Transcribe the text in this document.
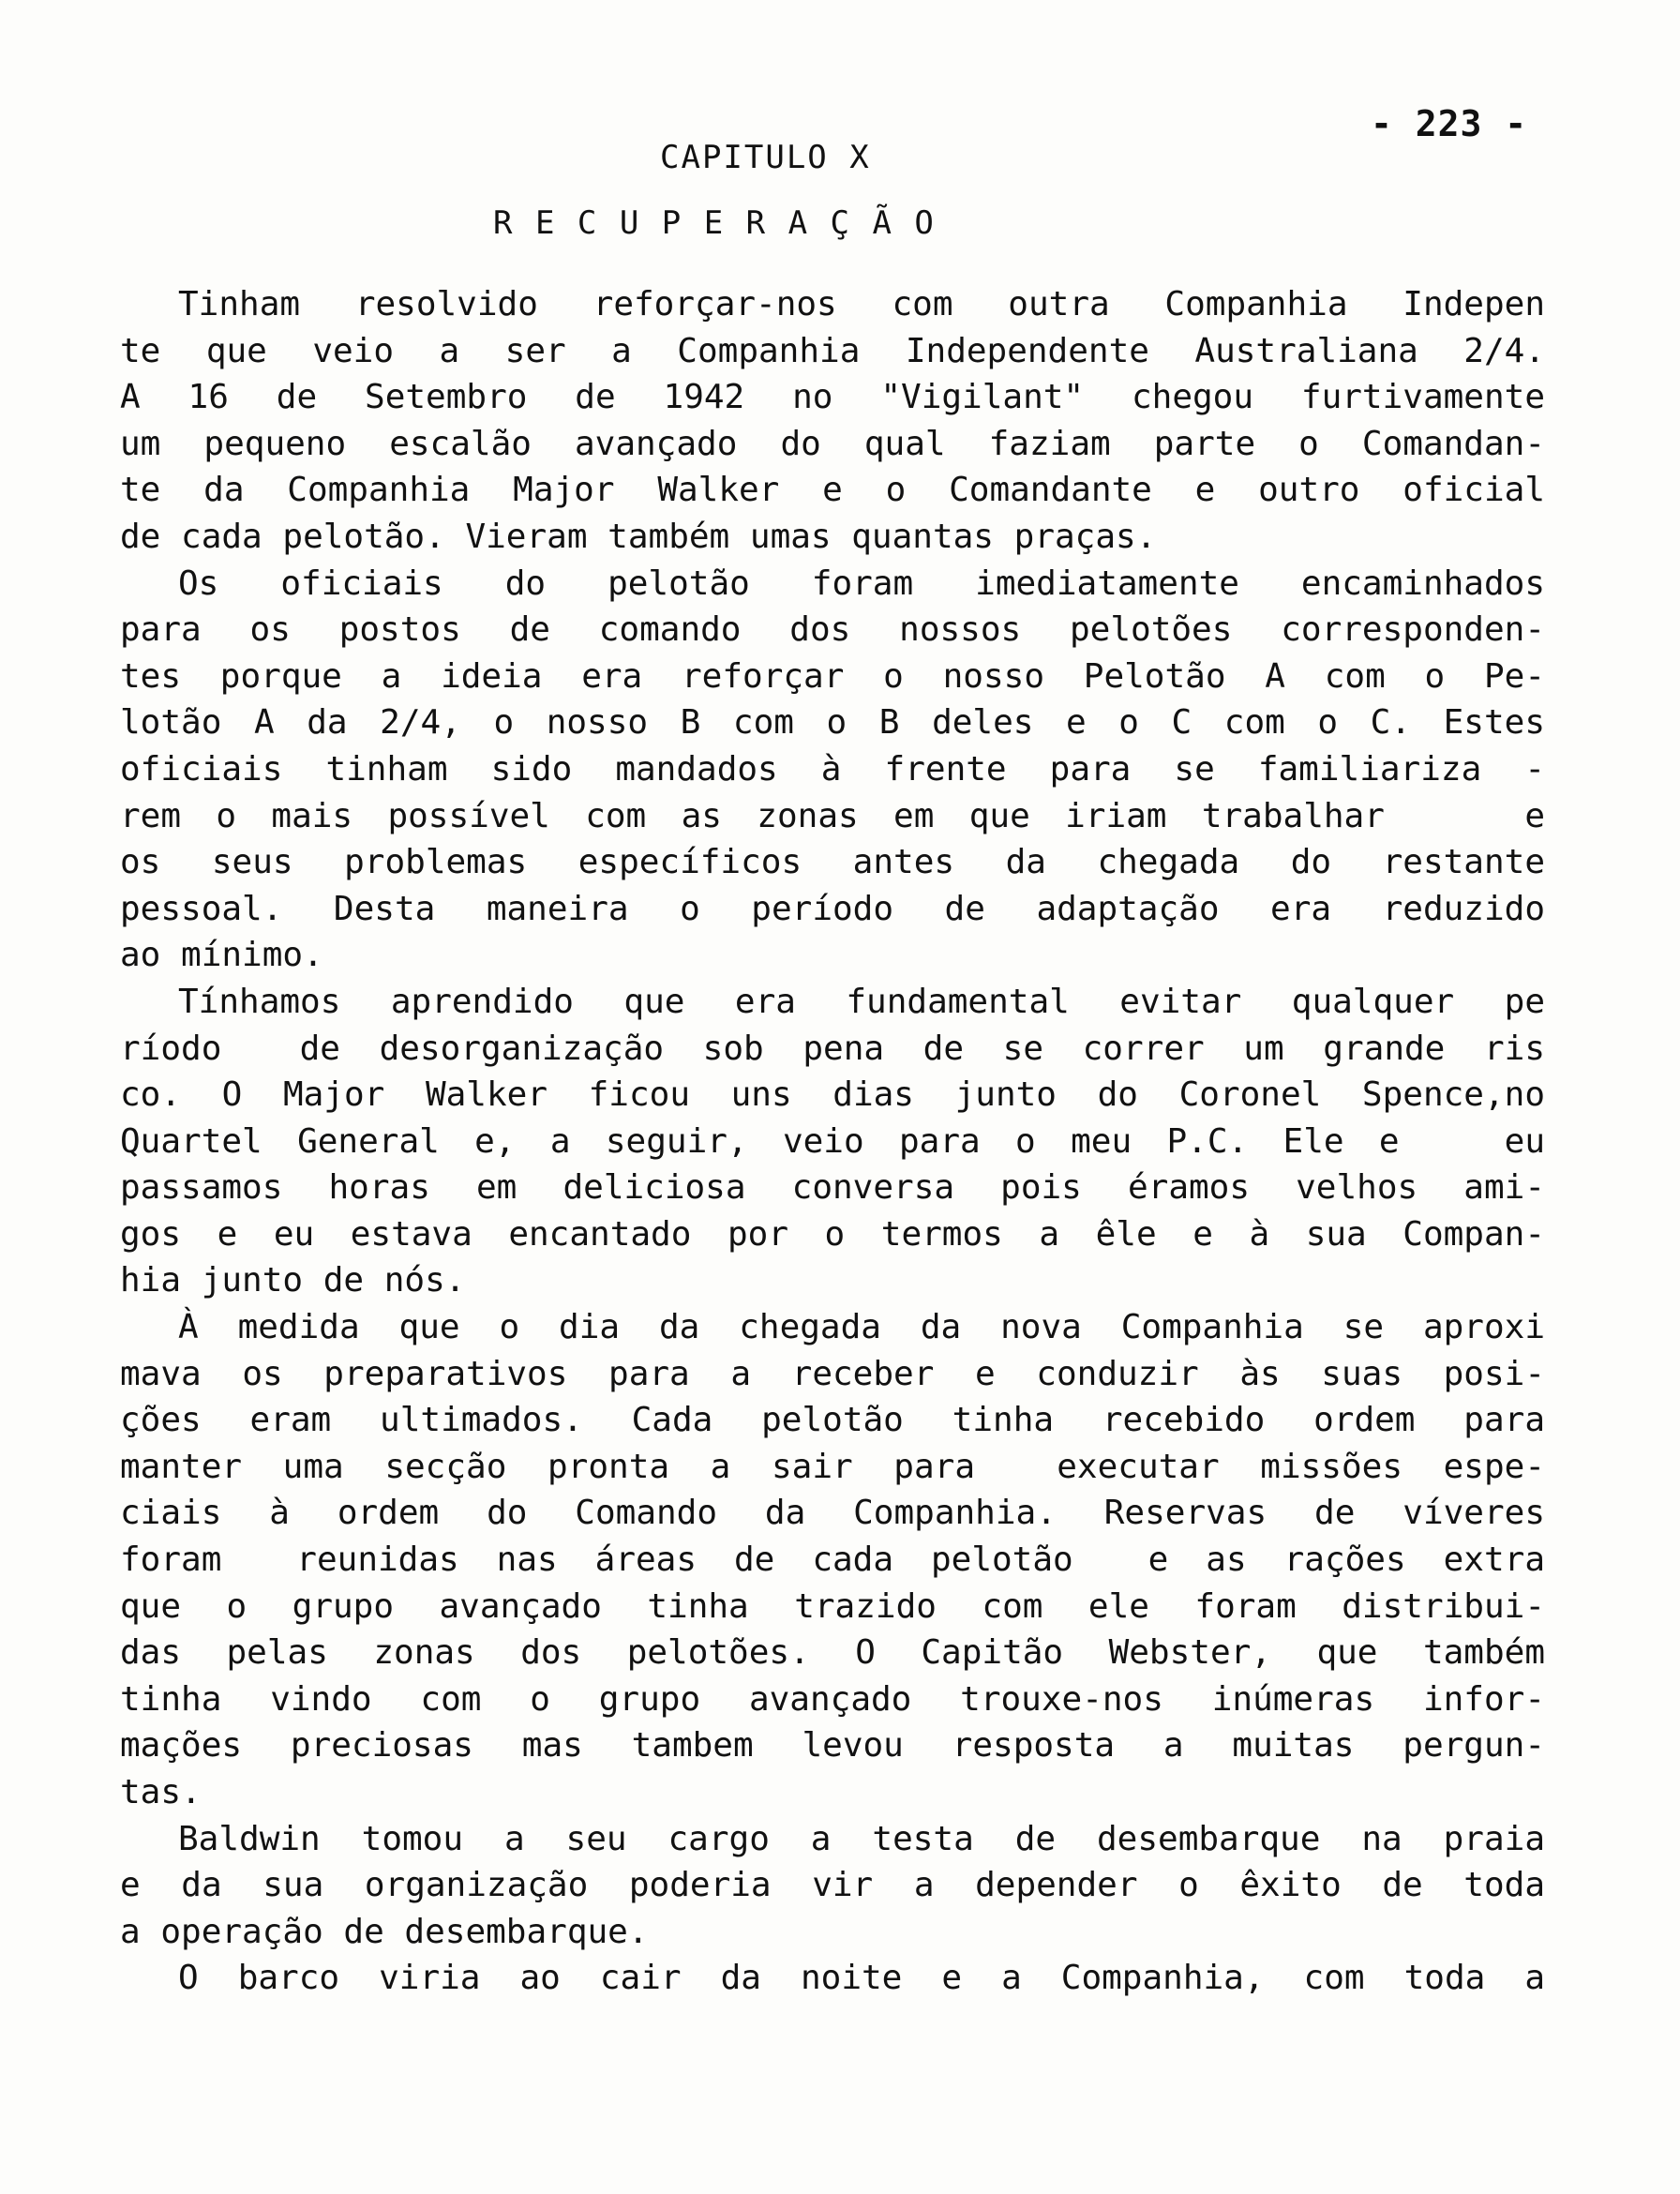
- 223 -
CAPITULO X
R E C U P E R A Ç Ã O
Tinham resolvido reforçar-nos com outra Companhia Indepen
te que veio a ser a Companhia Independente Australiana 2/4.
A 16 de Setembro de 1942 no "Vigilant" chegou furtivamente
um pequeno escalão avançado do qual faziam parte o Comandan-
te da Companhia Major Walker e o Comandante e outro oficial
de cada pelotão. Vieram também umas quantas praças.
Os oficiais do pelotão foram imediatamente encaminhados
para os postos de comando dos nossos pelotões corresponden-
tes porque a ideia era reforçar o nosso Pelotão A com o Pe-
lotão A da 2/4, o nosso B com o B deles e o C com o C. Estes
oficiais tinham sido mandados à frente para se familiariza -
rem o mais possível com as zonas em que iriam trabalhar    e
os seus problemas específicos antes da chegada do restante
pessoal. Desta maneira o período de adaptação era reduzido
ao mínimo.
Tínhamos aprendido que era fundamental evitar qualquer pe
ríodo  de desorganização sob pena de se correr um grande ris
co. O Major Walker ficou uns dias junto do Coronel Spence,no
Quartel General e, a seguir, veio para o meu P.C. Ele e   eu
passamos horas em deliciosa conversa pois éramos velhos ami-
gos e eu estava encantado por o termos a êle e à sua Compan-
hia junto de nós.
À medida que o dia da chegada da nova Companhia se aproxi
mava os preparativos para a receber e conduzir às suas posi-
ções eram ultimados. Cada pelotão tinha recebido ordem para
manter uma secção pronta a sair para  executar missões espe-
ciais à ordem do Comando da Companhia. Reservas de víveres
foram  reunidas nas áreas de cada pelotão  e as rações extra
que o grupo avançado tinha trazido com ele foram distribui-
das pelas zonas dos pelotões. O Capitão Webster, que também
tinha vindo com o grupo avançado trouxe-nos inúmeras infor-
mações preciosas mas tambem levou resposta a muitas pergun-
tas.
Baldwin tomou a seu cargo a testa de desembarque na praia
e da sua organização poderia vir a depender o êxito de toda
a operação de desembarque.
O barco viria ao cair da noite e a Companhia, com toda a
